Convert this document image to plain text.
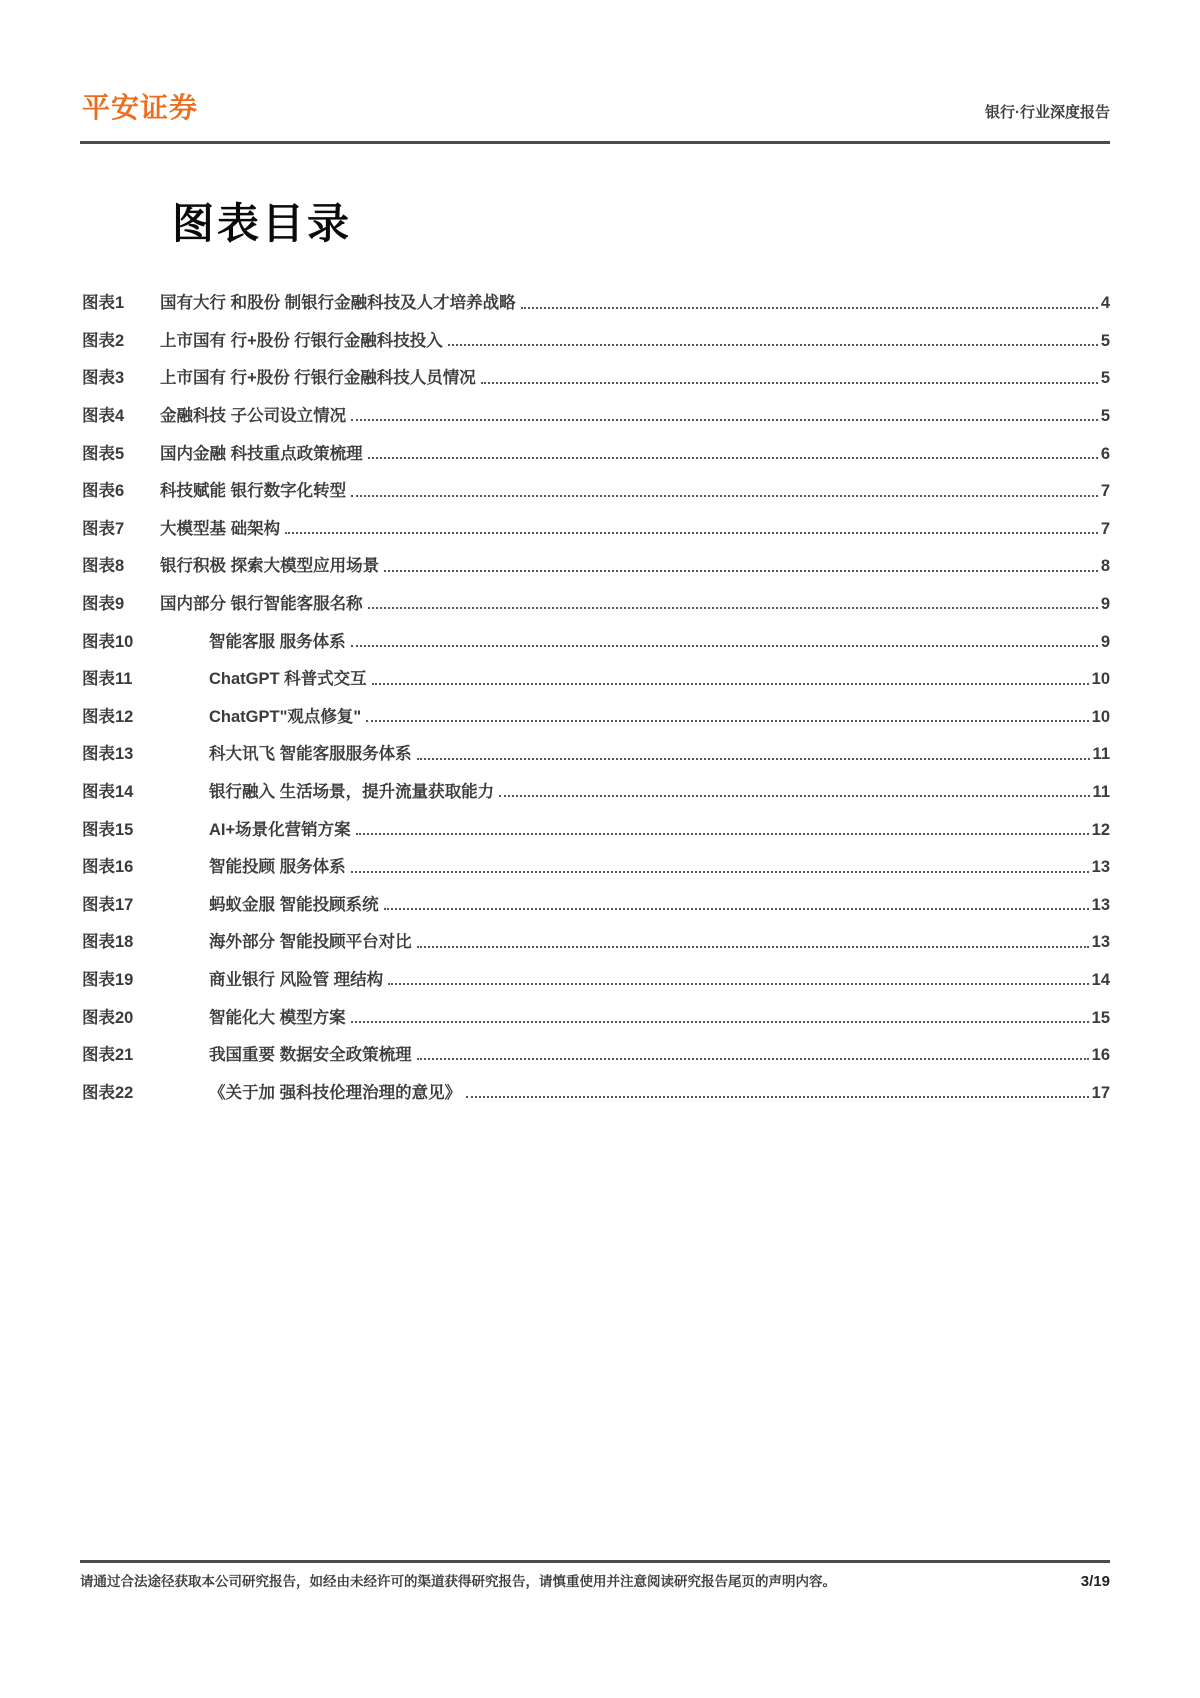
平安证券	银行·行业深度报告
图表目录
图表1	国有大行 和股份 制银行金融科技及人才培养战略	4
图表2	上市国有 行+股份 行银行金融科技投入	5
图表3	上市国有 行+股份 行银行金融科技人员情况	5
图表4	金融科技 子公司设立情况	5
图表5	国内金融 科技重点政策梳理	6
图表6	科技赋能 银行数字化转型	7
图表7	大模型基 础架构	7
图表8	银行积极 探索大模型应用场景	8
图表9	国内部分 银行智能客服名称	9
图表10	智能客服 服务体系	9
图表11	ChatGPT 科普式交互	10
图表12	ChatGPT"观点修复"	10
图表13	科大讯飞 智能客服服务体系	11
图表14	银行融入 生活场景，提升流量获取能力	11
图表15	AI+场景化营销方案	12
图表16	智能投顾 服务体系	13
图表17	蚂蚁金服 智能投顾系统	13
图表18	海外部分 智能投顾平台对比	13
图表19	商业银行 风险管 理结构	14
图表20	智能化大 模型方案	15
图表21	我国重要 数据安全政策梳理	16
图表22	《关于加 强科技伦理治理的意见》	17
请通过合法途径获取本公司研究报告，如经由未经许可的渠道获得研究报告，请慎重使用并注意阅读研究报告尾页的声明内容。	3/19
